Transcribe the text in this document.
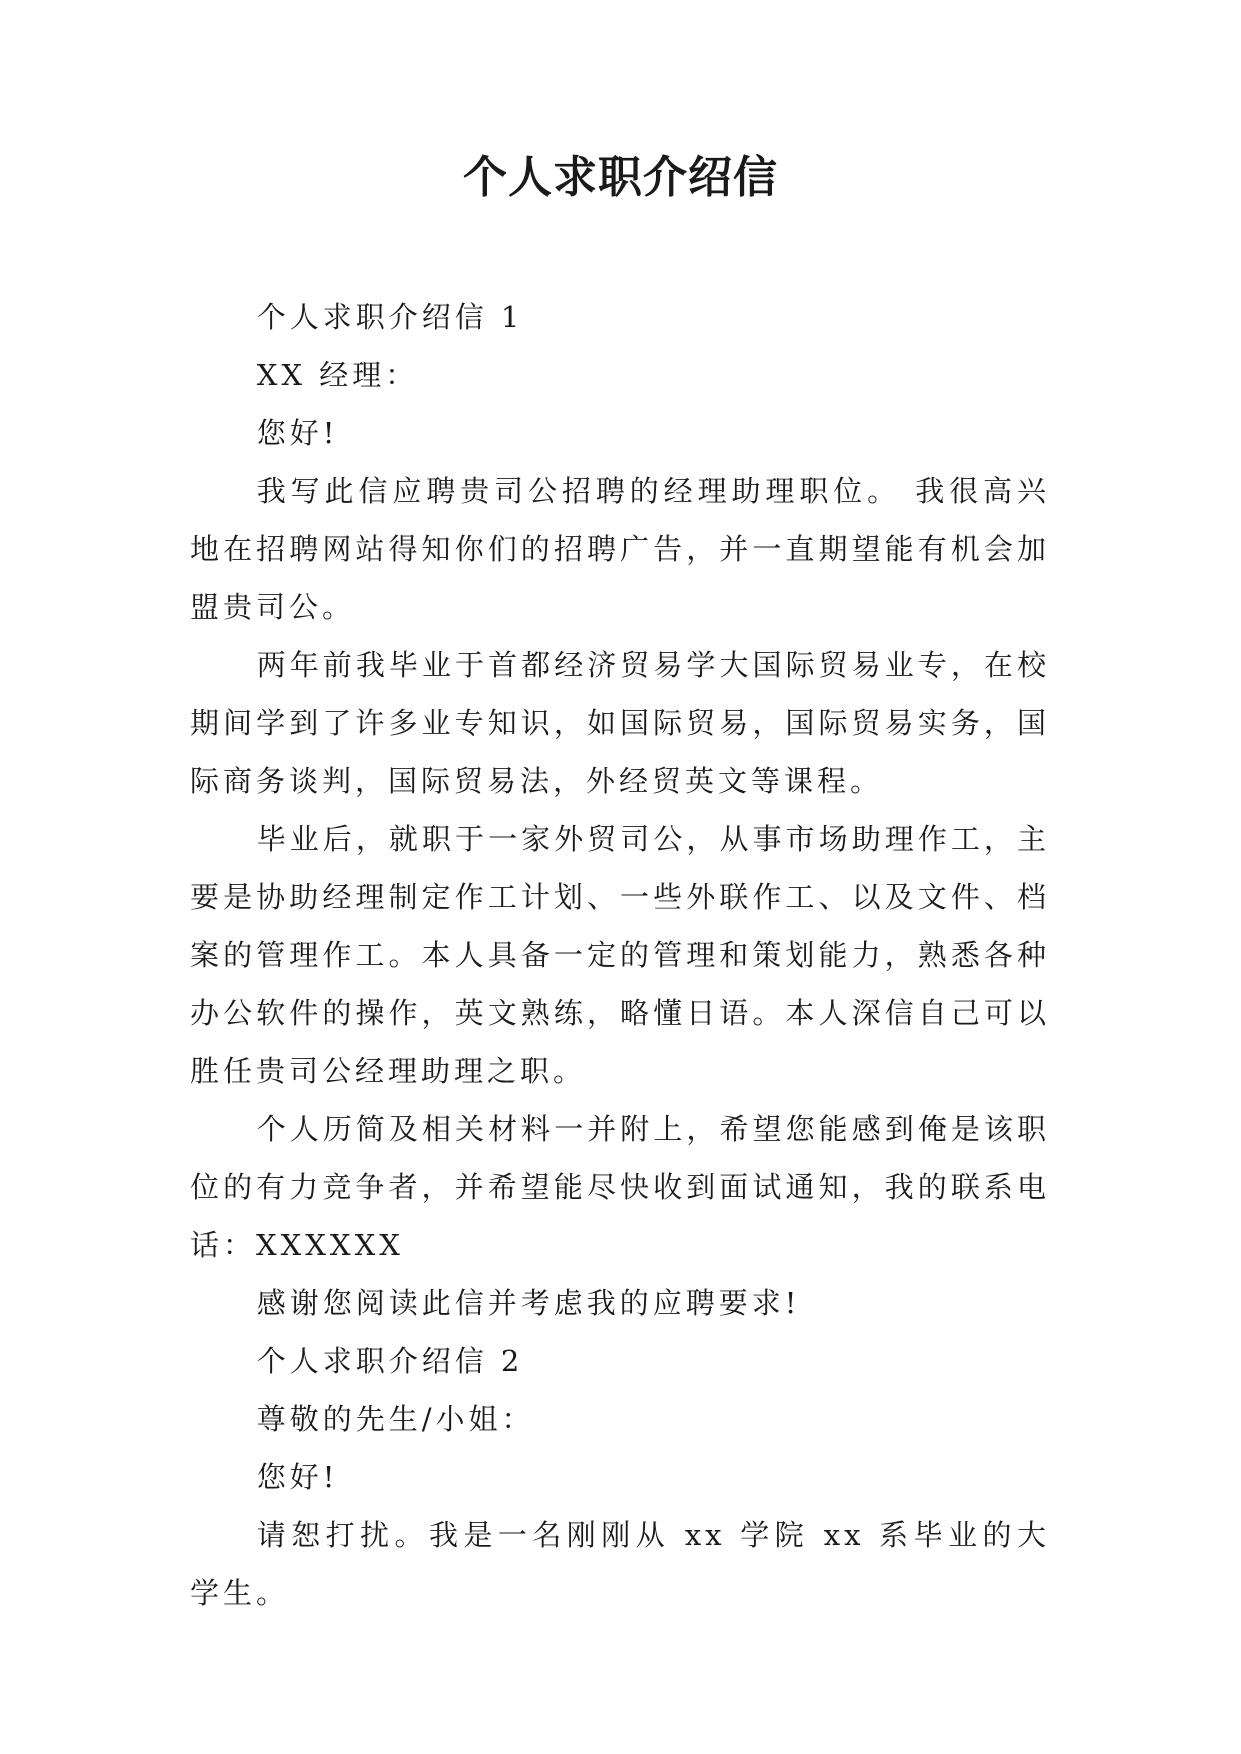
个人求职介绍信

个人求职介绍信 1

XX 经理：

您好!

我写此信应聘贵司公招聘的经理助理职位。 我很高兴地在招聘网站得知你们的招聘广告，并一直期望能有机会加盟贵司公。

两年前我毕业于首都经济贸易学大国际贸易业专，在校期间学到了许多业专知识，如国际贸易，国际贸易实务，国际商务谈判，国际贸易法，外经贸英文等课程。

毕业后，就职于一家外贸司公，从事市场助理作工，主要是协助经理制定作工计划、一些外联作工、以及文件、档案的管理作工。本人具备一定的管理和策划能力，熟悉各种办公软件的操作，英文熟练，略懂日语。本人深信自己可以胜任贵司公经理助理之职。

个人历简及相关材料一并附上，希望您能感到俺是该职位的有力竞争者，并希望能尽快收到面试通知，我的联系电话：XXXXXX

感谢您阅读此信并考虑我的应聘要求!

个人求职介绍信 2

尊敬的先生/小姐：

您好!

请恕打扰。我是一名刚刚从 xx 学院 xx 系毕业的大学生。
